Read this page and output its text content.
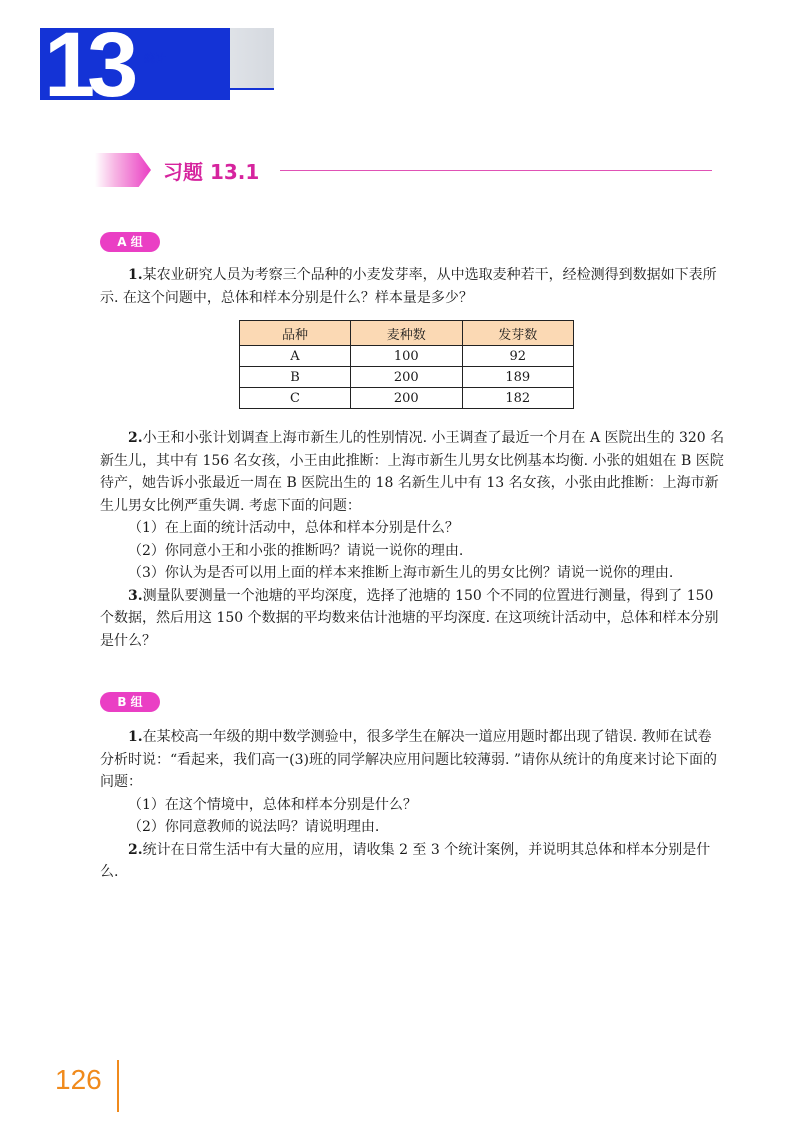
13	统计
习题 13.1
A 组

1.某农业研究人员为考察三个品种的小麦发芽率，从中选取麦种若干，经检测得到数据如下表所示. 在这个问题中，总体和样本分别是什么？样本量是多少？

品种	麦种数	发芽数
A	100	92
B	200	189
C	200	182

2.小王和小张计划调查上海市新生儿的性别情况. 小王调查了最近一个月在 A 医院出生的 320 名新生儿，其中有 156 名女孩，小王由此推断：上海市新生儿男女比例基本均衡. 小张的姐姐在 B 医院待产，她告诉小张最近一周在 B 医院出生的 18 名新生儿中有 13 名女孩，小张由此推断：上海市新生儿男女比例严重失调. 考虑下面的问题：

（1）在上面的统计活动中，总体和样本分别是什么？

（2）你同意小王和小张的推断吗？请说一说你的理由.

（3）你认为是否可以用上面的样本来推断上海市新生儿的男女比例？请说一说你的理由.

3.测量队要测量一个池塘的平均深度，选择了池塘的 150 个不同的位置进行测量，得到了 150 个数据，然后用这 150 个数据的平均数来估计池塘的平均深度. 在这项统计活动中，总体和样本分别是什么？

B 组

1.在某校高一年级的期中数学测验中，很多学生在解决一道应用题时都出现了错误. 教师在试卷分析时说：“看起来，我们高一(3)班的同学解决应用问题比较薄弱. ”请你从统计的角度来讨论下面的问题：

（1）在这个情境中，总体和样本分别是什么？

（2）你同意教师的说法吗？请说明理由.

2.统计在日常生活中有大量的应用，请收集 2 至 3 个统计案例，并说明其总体和样本分别是什么.

126
